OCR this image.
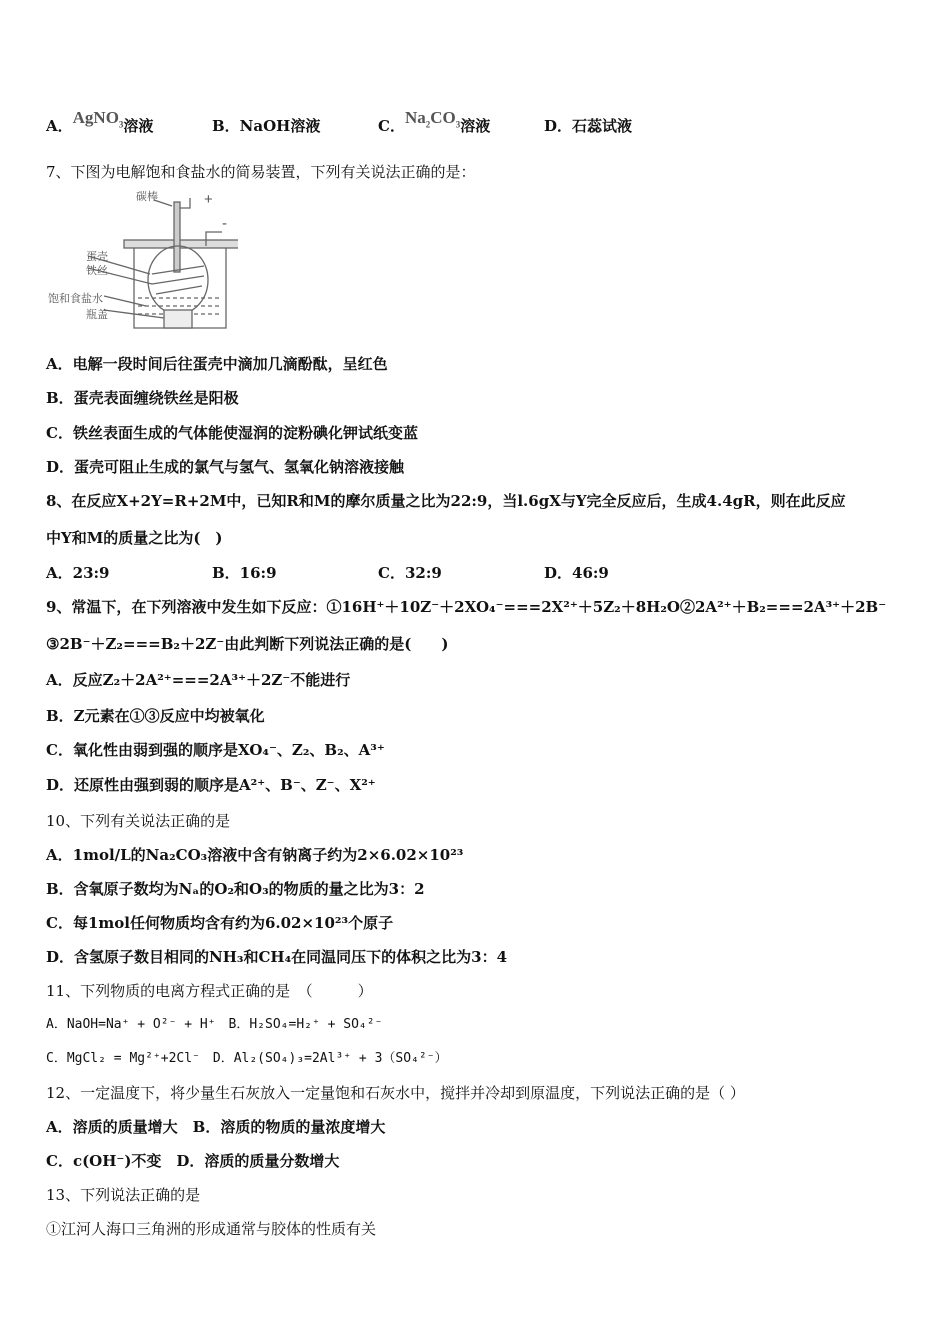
A．AgNO$_3$溶液	B．NaOH溶液	C．$Na_2CO_3$溶液	D．石蕊试液
7、下图为电解饱和食盐水的简易装置，下列有关说法正确的是：
碳棒	+
-
蛋壳
铁丝
饱和食盐水
瓶盖
A．电解一段时间后往蛋壳中滴加几滴酚酞，呈红色
B．蛋壳表面缠绕铁丝是阳极
C．铁丝表面生成的气体能使湿润的淀粉碘化钾试纸变蓝
D．蛋壳可阻止生成的氯气与氢气、氢氧化钠溶液接触
8、在反应X+2Y=R+2M中，已知R和M的摩尔质量之比为22:9，当l.6gX与Y完全反应后，生成4.4gR，则在此反应
中Y和M的质量之比为(　)
A．23:9	B．16:9	C．32:9	D．46:9
9、常温下，在下列溶液中发生如下反应：①16H⁺＋10Z⁻＋2XO₄⁻===2X²⁺＋5Z₂＋8H₂O②2A²⁺＋B₂===2A³⁺＋2B⁻
③2B⁻＋Z₂===B₂＋2Z⁻由此判断下列说法正确的是(　　)
A．反应Z₂＋2A²⁺===2A³⁺＋2Z⁻不能进行
B．Z元素在①③反应中均被氧化
C．氧化性由弱到强的顺序是XO₄⁻、Z₂、B₂、A³⁺
D．还原性由强到弱的顺序是A²⁺、B⁻、Z⁻、X²⁺
10、下列有关说法正确的是
A．1mol/L的Na₂CO₃溶液中含有钠离子约为2×6.02×10²³
B．含氧原子数均为Nₐ的O₂和O₃的物质的量之比为3：2
C．每1mol任何物质均含有约为6.02×10²³个原子
D．含氢原子数目相同的NH₃和CH₄在同温同压下的体积之比为3：4
11、下列物质的电离方程式正确的是　（　　　）
A．NaOH=Na⁺ + O²⁻ + H⁺　B．H₂SO₄=H₂⁺ + SO₄²⁻
C．MgCl₂ = Mg²⁺+2Cl⁻　D．Al₂(SO₄)₃=2Al³⁺ + 3（SO₄²⁻）
12、一定温度下，将少量生石灰放入一定量饱和石灰水中，搅拌并冷却到原温度，下列说法正确的是（ ）
A．溶质的质量增大　B．溶质的物质的量浓度增大
C．c(OH⁻)不变　D．溶质的质量分数增大
13、下列说法正确的是
①江河人海口三角洲的形成通常与胶体的性质有关
